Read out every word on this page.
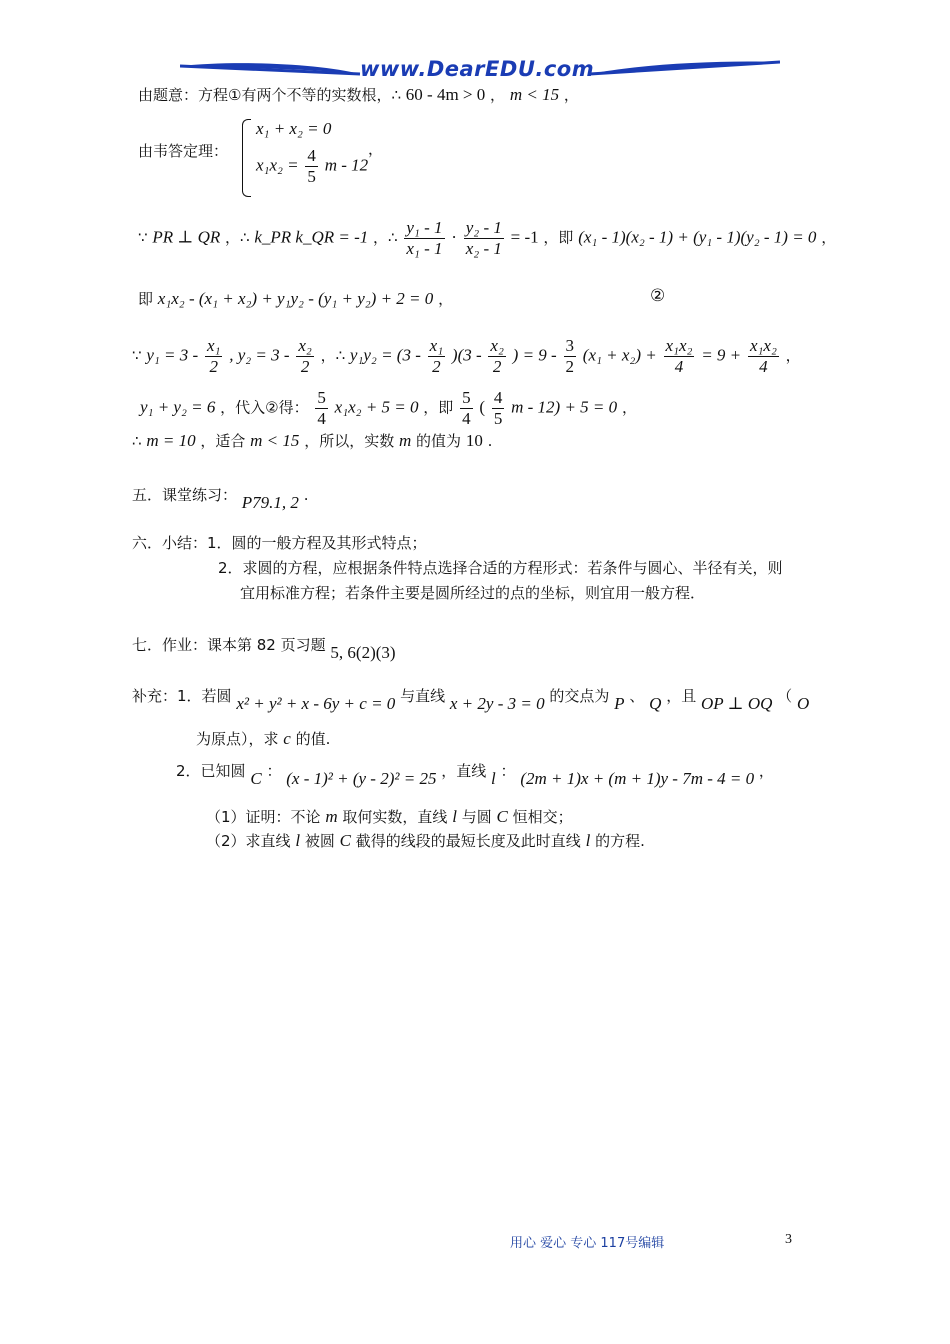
www.DearEDU.com
由题意：方程①有两个不等的实数根，∴ 60 - 4m > 0 ， m < 15 ，
由韦答定理：
x₁ + x₂ = 0
$x_1x_2 = \frac{4}{5}$ m - 12
，
∵ PR ⊥ QR ，∴ k_PR k_QR = -1 ，∴ $\frac{\text{y₁ - 1}}{\text{x₁ - 1}} \cdot \frac{\text{y₂ - 1}}{\text{x₂ - 1}} = -1$ ，即 (x₁ - 1)(x₂ - 1) + (y₁ - 1)(y₂ - 1) = 0 ，
即 x₁x₂ - (x₁ + x₂) + y₁y₂ - (y₁ + y₂) + 2 = 0 ，	②
∵ $y_1 = 3 - \frac{\text{x₁}}{2}$ , $y_2 = 3 - \frac{\text{x₂}}{2}$ ，∴ $y_1y_2 = (3 - \frac{\text{x₁}}{2} )(3 - \frac{\text{x₂}}{2}$ ) = $9 - \frac{3}{2} (x_1 + x_2) + \frac{\text{x₁x₂}}{4} = 9 + \frac{\text{x₁x₂}}{4}$ ，
y₁ + y₂ = 6 ，代入②得： $\frac{5}{4} x_1x_2 + 5 = 0$ ，即 $\frac{5}{4}$ ( $\frac{4}{5}$ m - 12) + 5 = 0 ，
∴ m = 10 ，适合 m < 15 ，所以，实数 m 的值为 10 .
五．课堂练习： P79.1, 2 .
六．小结：1．圆的一般方程及其形式特点；
2．求圆的方程，应根据条件特点选择合适的方程形式：若条件与圆心、半径有关，则
宜用标准方程；若条件主要是圆所经过的点的坐标，则宜用一般方程．
七．作业：课本第 82 页习题 5, 6(2)(3)
补充：1．若圆 x² + y² + x - 6y + c = 0 与直线 x + 2y - 3 = 0 的交点为 P 、 Q ，且 OP ⊥ OQ （ O
为原点），求 c 的值.
2．已知圆 C ： (x - 1)² + (y - 2)² = 25 ，直线 l ： (2m + 1)x + (m + 1)y - 7m - 4 = 0 ，
（1）证明：不论 m 取何实数，直线 l 与圆 C 恒相交；
（2）求直线 l 被圆 C 截得的线段的最短长度及此时直线 l 的方程.
用心 爱心 专心 117号编辑	3
